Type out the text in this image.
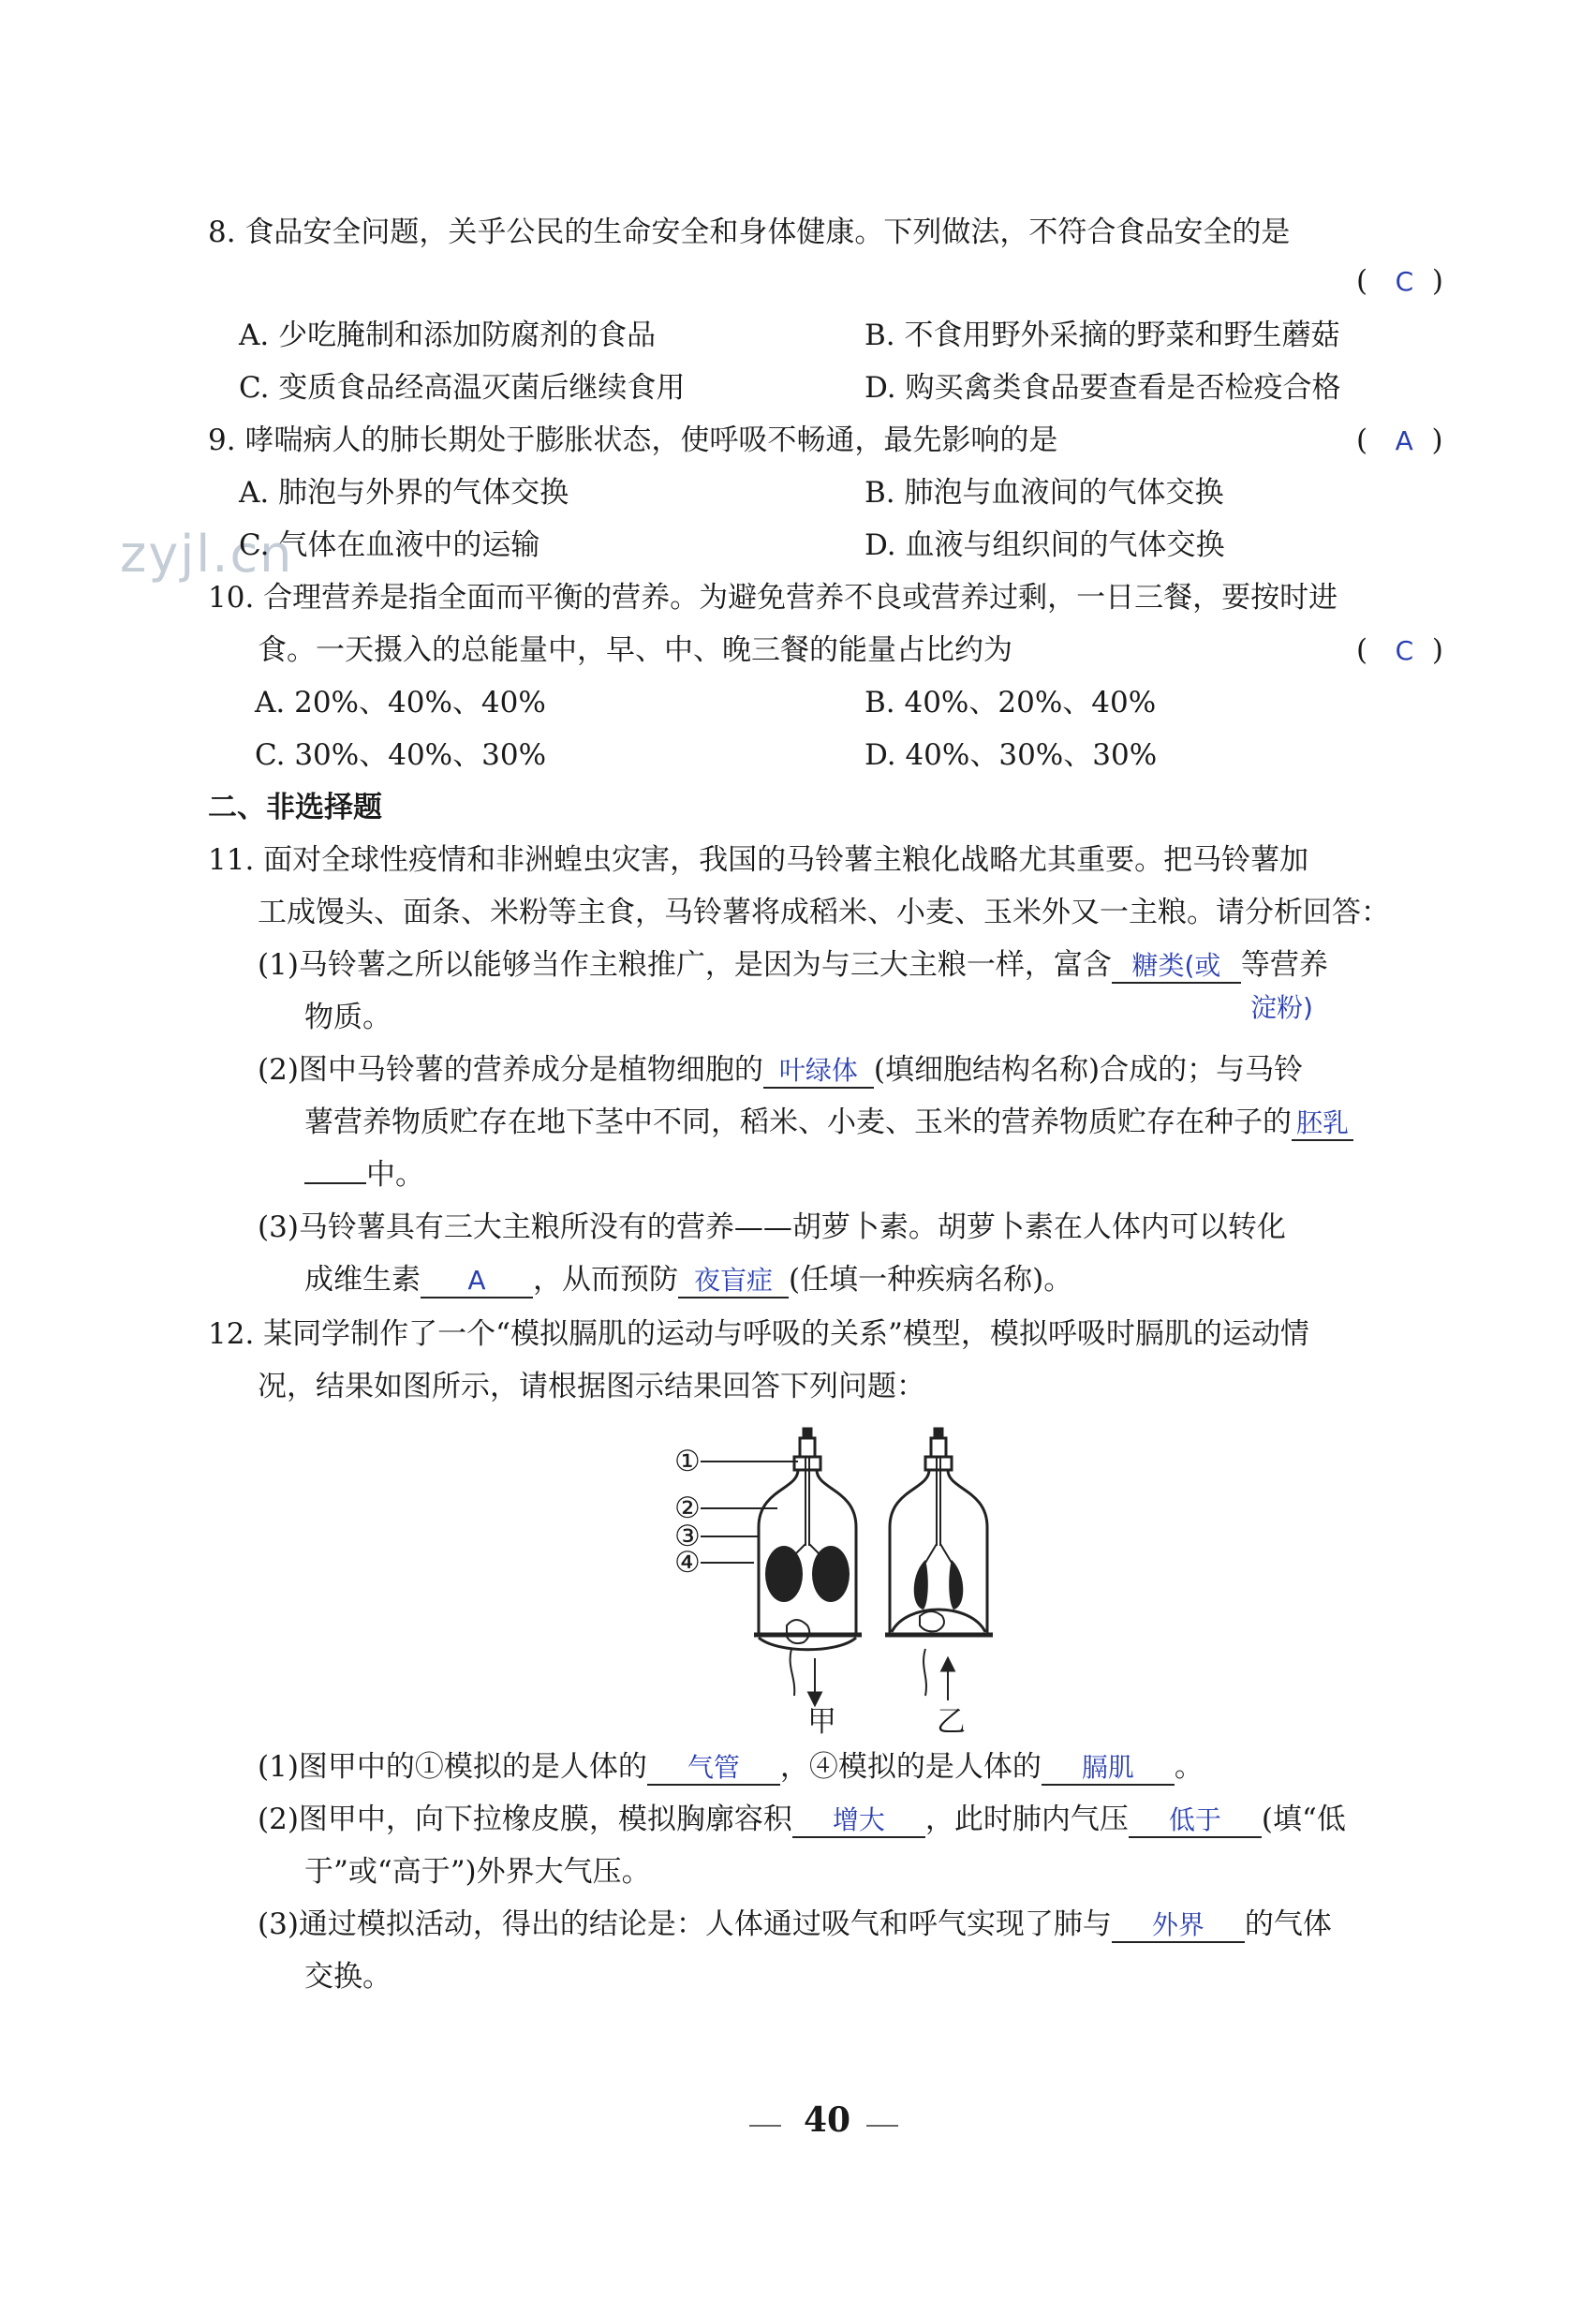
zyjl.cn
8. 食品安全问题，关乎公民的生命安全和身体健康。下列做法，不符合食品安全的是
(   C  )
A. 少吃腌制和添加防腐剂的食品	B. 不食用野外采摘的野菜和野生蘑菇
C. 变质食品经高温灭菌后继续食用	D. 购买禽类食品要查看是否检疫合格
9. 哮喘病人的肺长期处于膨胀状态，使呼吸不畅通，最先影响的是	(   A  )
A. 肺泡与外界的气体交换	B. 肺泡与血液间的气体交换
C. 气体在血液中的运输	D. 血液与组织间的气体交换
10. 合理营养是指全面而平衡的营养。为避免营养不良或营养过剩，一日三餐，要按时进
食。一天摄入的总能量中，早、中、晚三餐的能量占比约为	(   C  )
A. 20%、40%、40%	B. 40%、20%、40%
C. 30%、40%、30%	D. 40%、30%、30%
二、非选择题
11. 面对全球性疫情和非洲蝗虫灾害，我国的马铃薯主粮化战略尤其重要。把马铃薯加
工成馒头、面条、米粉等主食，马铃薯将成稻米、小麦、玉米外又一主粮。请分析回答：
(1)马铃薯之所以能够当作主粮推广，是因为与三大主粮一样，富含 糖类(或 等营养
淀粉)
物质。
(2)图中马铃薯的营养成分是植物细胞的 叶绿体 (填细胞结构名称)合成的；与马铃
薯营养物质贮存在地下茎中不同，稻米、小麦、玉米的营养物质贮存在种子的 胚乳
中。
(3)马铃薯具有三大主粮所没有的营养——胡萝卜素。胡萝卜素在人体内可以转化
成维生素 A ，从而预防 夜盲症 (任填一种疾病名称)。
12. 某同学制作了一个“模拟膈肌的运动与呼吸的关系”模型，模拟呼吸时膈肌的运动情
况，结果如图所示，请根据图示结果回答下列问题：
①
②
③
④
甲	乙
(1)图甲中的①模拟的是人体的 气管 ，④模拟的是人体的 膈肌 。
(2)图甲中，向下拉橡皮膜，模拟胸廓容积 增大 ，此时肺内气压 低于 (填“低
于”或“高于”)外界大气压。
(3)通过模拟活动，得出的结论是：人体通过吸气和呼气实现了肺与 外界 的气体
交换。
40
